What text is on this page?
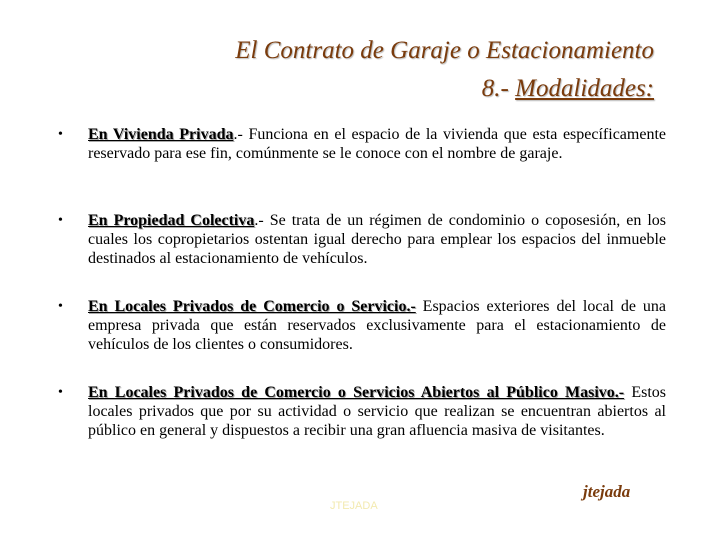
El Contrato de Garaje o Estacionamiento
8.- Modalidades:
• En Vivienda Privada.- Funciona en el espacio de la vivienda que esta específicamente reservado para ese fin, comúnmente se le conoce con el nombre de garaje.
• En Propiedad Colectiva.- Se trata de un régimen de condominio o coposesión, en los cuales los copropietarios ostentan igual derecho para emplear los espacios del inmueble destinados al estacionamiento de vehículos.
• En Locales Privados de Comercio o Servicio.- Espacios exteriores del local de una empresa privada que están reservados exclusivamente para el estacionamiento de vehículos de los clientes o consumidores.
• En Locales Privados de Comercio o Servicios Abiertos al Público Masivo.- Estos locales privados que por su actividad o servicio que realizan se encuentran abiertos al público en general y dispuestos a recibir una gran afluencia masiva de visitantes.
JTEJADA
jtejada
